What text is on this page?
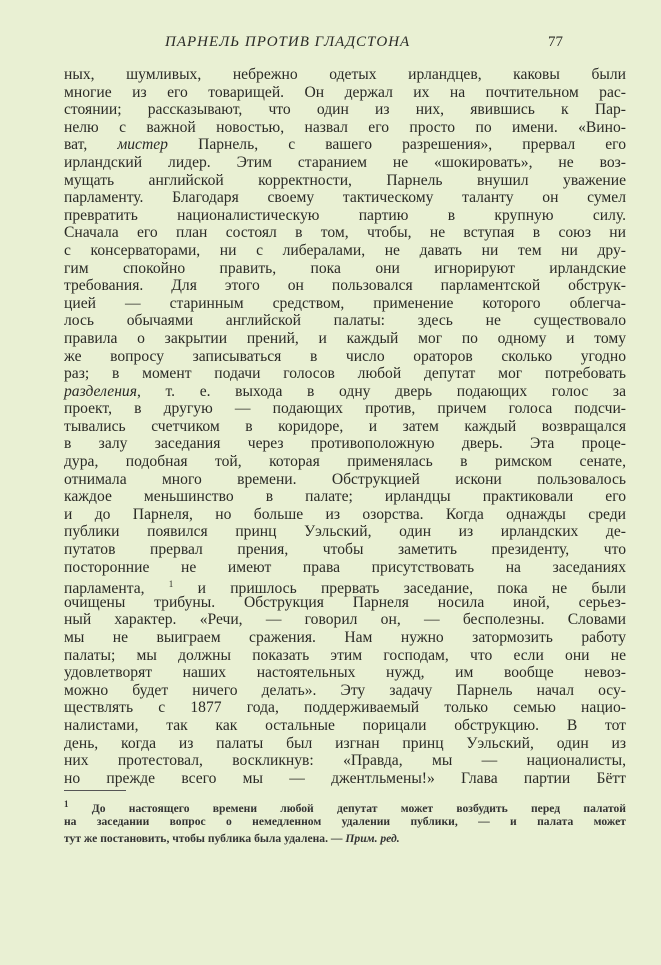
ПАРНЕЛЬ ПРОТИВ ГЛАДСТОНА	77
ных, шумливых, небрежно одетых ирландцев, каковы были
многие из его товарищей. Он держал их на почтительном рас-
стоянии; рассказывают, что один из них, явившись к Пар-
нелю с важной новостью, назвал его просто по имени. «Вино-
ват, мистер Парнель, с вашего разрешения», прервал его
ирландский лидер. Этим старанием не «шокировать», не воз-
мущать английской корректности, Парнель внушил уважение
парламенту. Благодаря своему тактическому таланту он сумел
превратить националистическую партию в крупную силу.
Сначала его план состоял в том, чтобы, не вступая в союз ни
с консерваторами, ни с либералами, не давать ни тем ни дру-
гим спокойно править, пока они игнорируют ирландские
требования. Для этого он пользовался парламентской обструк-
цией — старинным средством, применение которого облегча-
лось обычаями английской палаты: здесь не существовало
правила о закрытии прений, и каждый мог по одному и тому
же вопросу записываться в число ораторов сколько угодно
раз; в момент подачи голосов любой депутат мог потребовать
разделения, т. е. выхода в одну дверь подающих голос за
проект, в другую — подающих против, причем голоса подсчи-
тывались счетчиком в коридоре, и затем каждый возвращался
в залу заседания через противоположную дверь. Эта проце-
дура, подобная той, которая применялась в римском сенате,
отнимала много времени. Обструкцией искони пользовалось
каждое меньшинство в палате; ирландцы практиковали его
и до Парнеля, но больше из озорства. Когда однажды среди
публики появился принц Уэльский, один из ирландских де-
путатов прервал прения, чтобы заметить президенту, что
посторонние не имеют права присутствовать на заседаниях
парламента, $^1$ и пришлось прервать заседание, пока не были
очищены трибуны. Обструкция Парнеля носила иной, серьез-
ный характер. «Речи, — говорил он, — бесполезны. Словами
мы не выиграем сражения. Нам нужно затормозить работу
палаты; мы должны показать этим господам, что если они не
удовлетворят наших настоятельных нужд, им вообще невоз-
можно будет ничего делать». Эту задачу Парнель начал осу-
ществлять с 1877 года, поддерживаемый только семью нацио-
налистами, так как остальные порицали обструкцию. В тот
день, когда из палаты был изгнан принц Уэльский, один из
них протестовал, воскликнув: «Правда, мы — националисты,
но прежде всего мы — джентльмены!» Глава партии Бётт
$^1$ До настоящего времени любой депутат может возбудить перед палатой
на заседании вопрос о немедленном удалении публики, — и палата может
тут же постановить, чтобы публика была удалена. — Прим. ред.
